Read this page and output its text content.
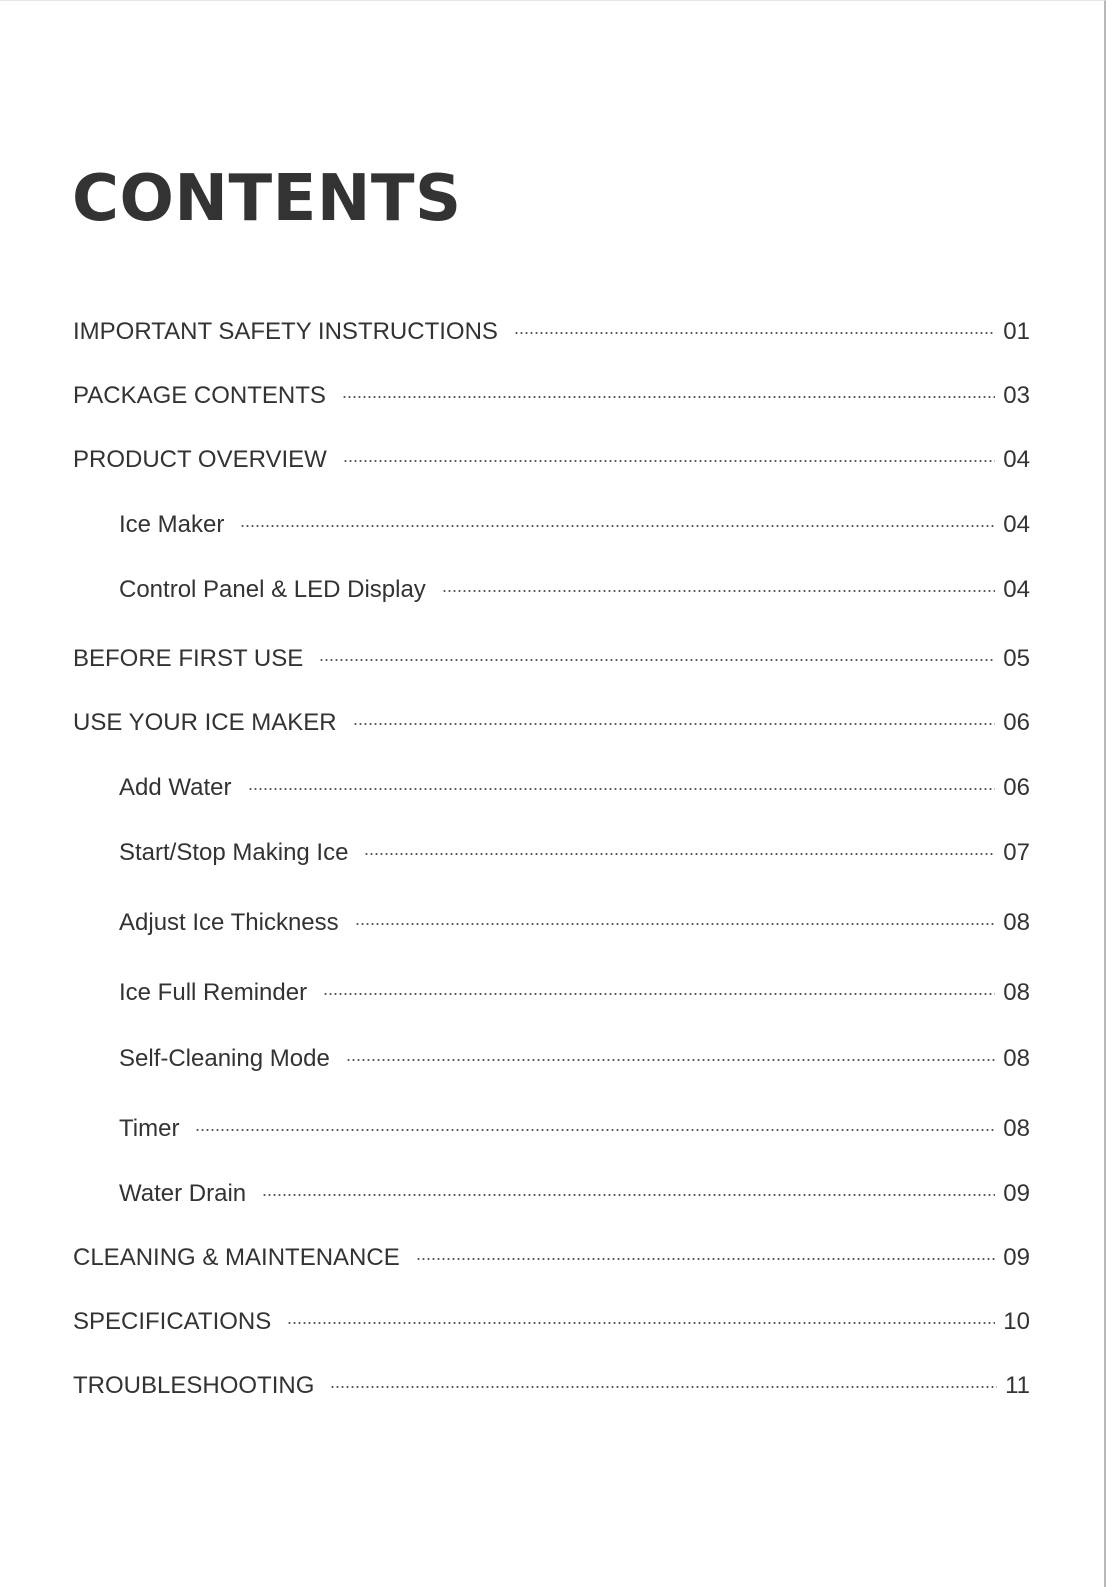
CONTENTS
IMPORTANT SAFETY INSTRUCTIONS	01
PACKAGE CONTENTS	03
PRODUCT OVERVIEW	04
Ice Maker	04
Control Panel & LED Display	04
BEFORE FIRST USE	05
USE YOUR ICE MAKER	06
Add Water	06
Start/Stop Making Ice	07
Adjust Ice Thickness	08
Ice Full Reminder	08
Self-Cleaning Mode	08
Timer	08
Water Drain	09
CLEANING & MAINTENANCE	09
SPECIFICATIONS	10
TROUBLESHOOTING	11
